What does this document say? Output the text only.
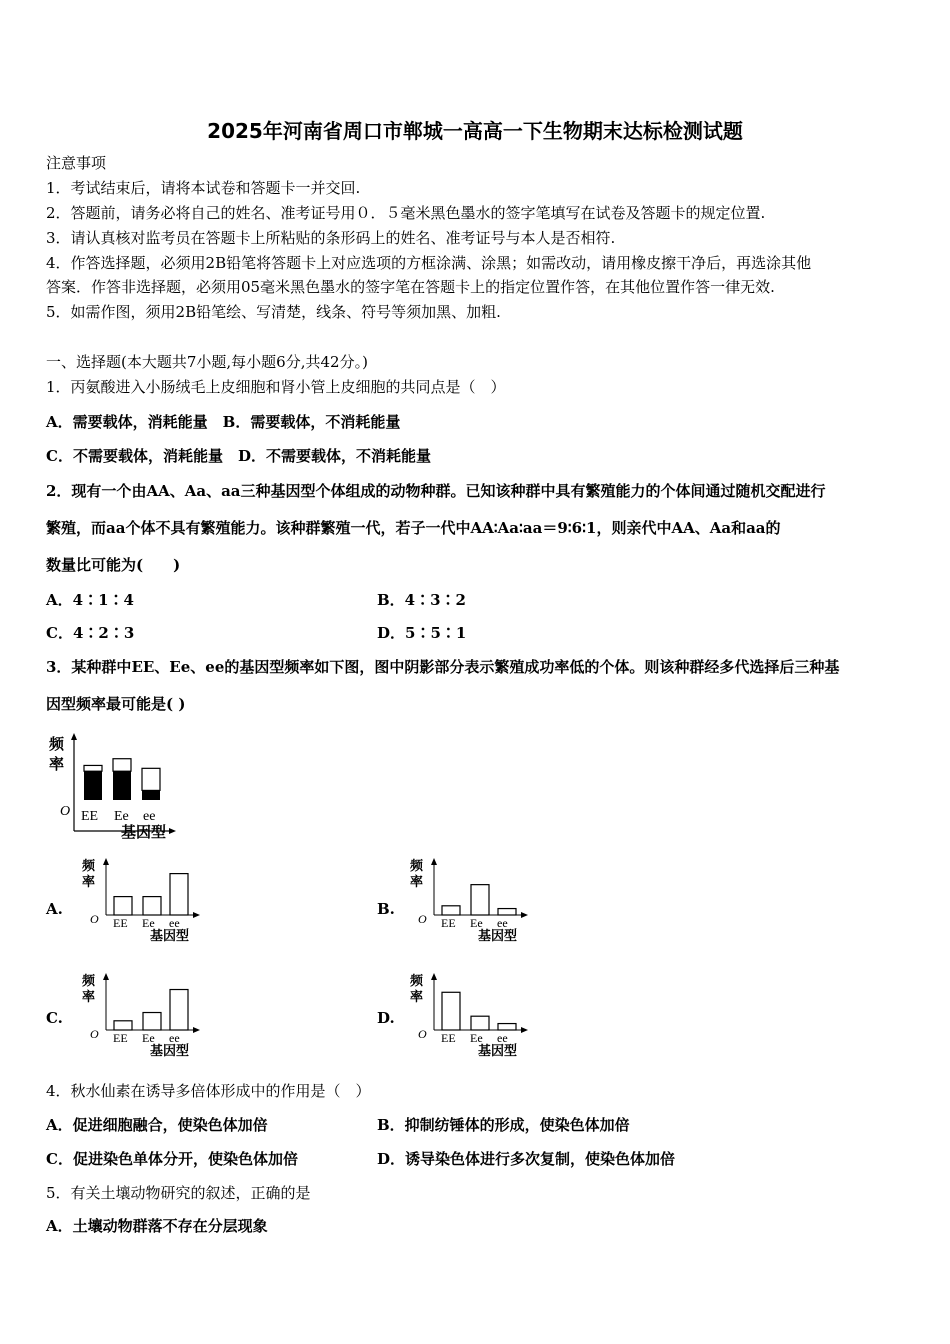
2025年河南省周口市郸城一高高一下生物期末达标检测试题
注意事项
1．考试结束后，请将本试卷和答题卡一并交回.
2．答题前，请务必将自己的姓名、准考证号用０．５毫米黑色墨水的签字笔填写在试卷及答题卡的规定位置.
3．请认真核对监考员在答题卡上所粘贴的条形码上的姓名、准考证号与本人是否相符.
4．作答选择题，必须用2B铅笔将答题卡上对应选项的方框涂满、涂黑；如需改动，请用橡皮擦干净后，再选涂其他
答案．作答非选择题，必须用05毫米黑色墨水的签字笔在答题卡上的指定位置作答，在其他位置作答一律无效.
5．如需作图，须用2B铅笔绘、写清楚，线条、符号等须加黑、加粗.
一、选择题(本大题共7小题,每小题6分,共42分。)
1．丙氨酸进入小肠绒毛上皮细胞和肾小管上皮细胞的共同点是（　）
A．需要载体，消耗能量　B．需要载体，不消耗能量
C．不需要载体，消耗能量　D．不需要载体，不消耗能量
2．现有一个由AA、Aa、aa三种基因型个体组成的动物种群。已知该种群中具有繁殖能力的个体间通过随机交配进行
繁殖，而aa个体不具有繁殖能力。该种群繁殖一代，若子一代中AA∶Aa∶aa＝9∶6∶1，则亲代中AA、Aa和aa的
数量比可能为(　　)
A．4∶1∶4	B．4∶3∶2
C．4∶2∶3	D．5∶5∶1
3．某种群中EE、Ee、ee的基因型频率如下图，图中阴影部分表示繁殖成功率低的个体。则该种群经多代选择后三种基
因型频率最可能是( )
频
率
O EE Ee ee
基因型
A.
频
率
O EE Ee ee
基因型
B.
频
率
O EE Ee ee
基因型
C.
频
率
O EE Ee ee
基因型
D.
频
率
O EE Ee ee
基因型
4．秋水仙素在诱导多倍体形成中的作用是（　）
A．促进细胞融合，使染色体加倍	B．抑制纺锤体的形成，使染色体加倍
C．促进染色单体分开，使染色体加倍	D．诱导染色体进行多次复制，使染色体加倍
5．有关土壤动物研究的叙述，正确的是
A．土壤动物群落不存在分层现象
